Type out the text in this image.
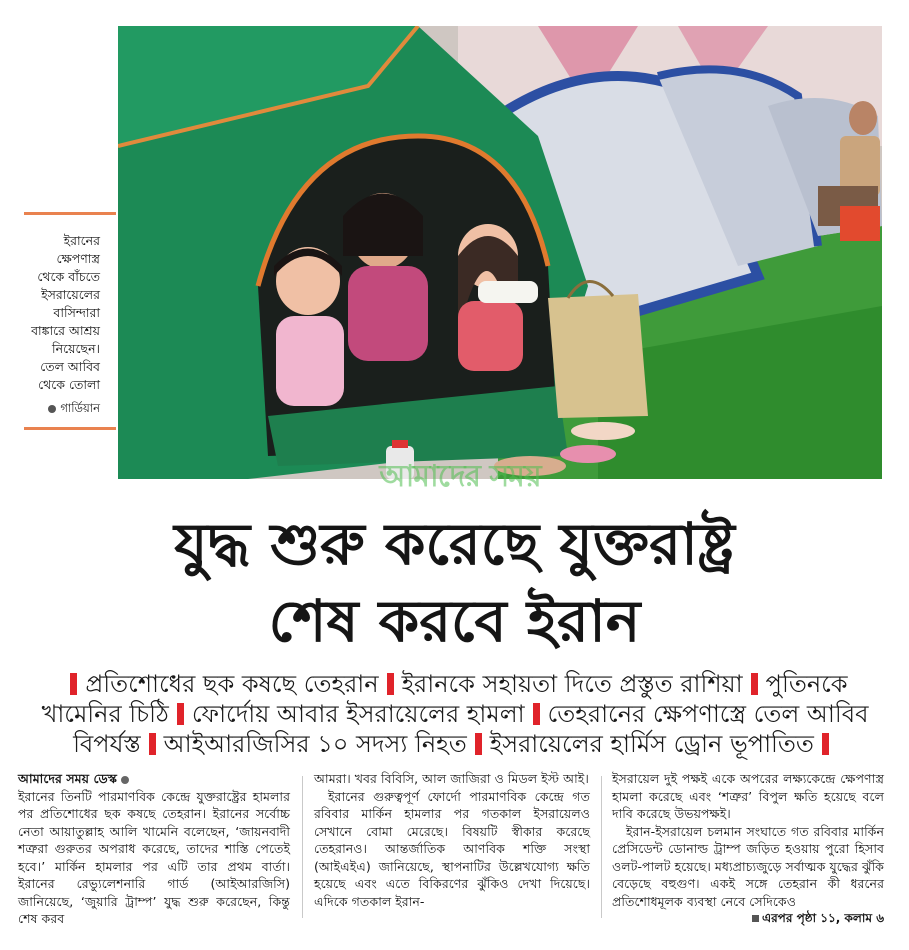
আমাদের সময়
ইরানের
ক্ষেপণাস্ত্র
থেকে বাঁচতে
ইসরায়েলের
বাসিন্দারা
বাঙ্কারে আশ্রয়
নিয়েছেন।
তেল আবিব
থেকে তোলা
গার্ডিয়ান
যুদ্ধ শুরু করেছে যুক্তরাষ্ট্র
শেষ করবে ইরান
প্রতিশোধের ছক কষছে তেহরান ইরানকে সহায়তা দিতে প্রস্তুত রাশিয়া পুতিনকে
খামেনির চিঠি ফোর্দোয় আবার ইসরায়েলের হামলা তেহরানের ক্ষেপণাস্ত্রে তেল আবিব
বিপর্যস্ত আইআরজিসির ১০ সদস্য নিহত ইসরায়েলের হার্মিস ড্রোন ভূপাতিত

আমাদের সময় ডেস্ক

ইরানের তিনটি পারমাণবিক কেন্দ্রে যুক্তরাষ্ট্রের হামলার পর প্রতিশোধের ছক কষছে তেহরান। ইরানের সর্বোচ্চ নেতা আয়াতুল্লাহ আলি খামেনি বলেছেন, ‘জায়নবাদী শত্রুরা গুরুতর অপরাধ করেছে, তাদের শাস্তি পেতেই হবে।’ মার্কিন হামলার পর এটি তার প্রথম বার্তা। ইরানের রেভ্যুলেশনারি গার্ড (আইআরজিসি) জানিয়েছে, ‘জুয়ারি ট্রাম্প’ যুদ্ধ শুরু করেছেন, কিন্তু শেষ করব

আমরা। খবর বিবিসি, আল জাজিরা ও মিডল ইস্ট আই।

ইরানের গুরুত্বপূর্ণ ফোর্দো পারমাণবিক কেন্দ্রে গত রবিবার মার্কিন হামলার পর গতকাল ইসরায়েলও সেখানে বোমা মেরেছে। বিষয়টি স্বীকার করেছে তেহরানও। আন্তর্জাতিক আণবিক শক্তি সংস্থা (আইএইএ) জানিয়েছে, স্থাপনাটির উল্লেখযোগ্য ক্ষতি হয়েছে এবং এতে বিকিরণের ঝুঁকিও দেখা দিয়েছে। এদিকে গতকাল ইরান-

ইসরায়েল দুই পক্ষই একে অপরের লক্ষ্যকেন্দ্রে ক্ষেপণাস্ত্র হামলা করেছে এবং ‘শত্রুর’ বিপুল ক্ষতি হয়েছে বলে দাবি করেছে উভয়পক্ষই।

ইরান-ইসরায়েল চলমান সংঘাতে গত রবিবার মার্কিন প্রেসিডেন্ট ডোনাল্ড ট্রাম্প জড়িত হওয়ায় পুরো হিসাব ওলট-পালট হয়েছে। মধ্যপ্রাচ্যজুড়ে সর্বাত্মক যুদ্ধের ঝুঁকি বেড়েছে বহুগুণ। একই সঙ্গে তেহরান কী ধরনের প্রতিশোধমূলক ব্যবস্থা নেবে সেদিকেও

এরপর পৃষ্ঠা ১১, কলাম ৬
